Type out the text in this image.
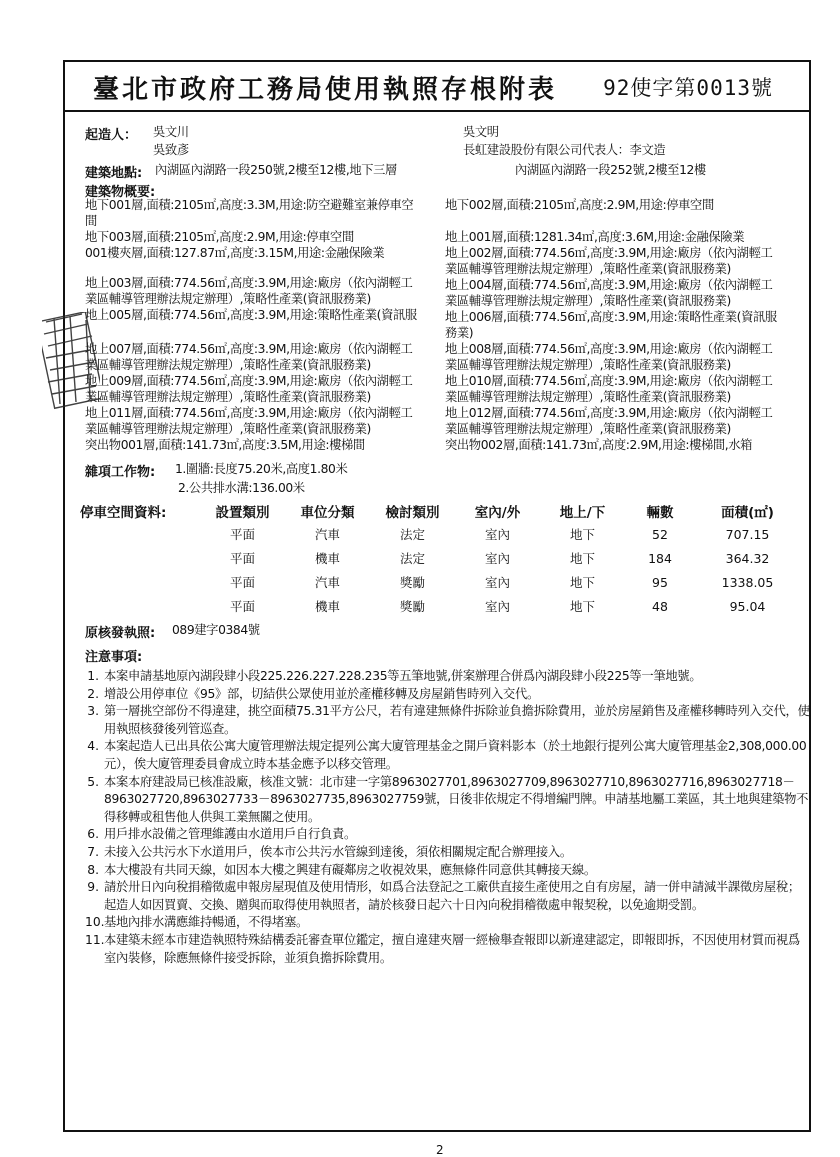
臺北市政府工務局使用執照存根附表 92使字第0013號
起造人： 吳文川
吳致彥
吳文明
長虹建設股份有限公司代表人：李文造
建築地點: 內湖區內湖路一段250號,2樓至12樓,地下三層	內湖區內湖路一段252號,2樓至12樓
建築物概要:
地下001層,面積:2105㎡,高度:3.3M,用途:防空避難室兼停車空
間
地下003層,面積:2105㎡,高度:2.9M,用途:停車空間
001樓夾層,面積:127.87㎡,高度:3.15M,用途:金融保險業
地上003層,面積:774.56㎡,高度:3.9M,用途:廠房（依內湖輕工
業區輔導管理辦法規定辦理）,策略性產業(資訊服務業)
地上005層,面積:774.56㎡,高度:3.9M,用途:策略性產業(資訊服
地上007層,面積:774.56㎡,高度:3.9M,用途:廠房（依內湖輕工
業區輔導管理辦法規定辦理）,策略性產業(資訊服務業)
地上009層,面積:774.56㎡,高度:3.9M,用途:廠房（依內湖輕工
業區輔導管理辦法規定辦理）,策略性產業(資訊服務業)
地上011層,面積:774.56㎡,高度:3.9M,用途:廠房（依內湖輕工
業區輔導管理辦法規定辦理）,策略性產業(資訊服務業)
突出物001層,面積:141.73㎡,高度:3.5M,用途:樓梯間
地下002層,面積:2105㎡,高度:2.9M,用途:停車空間
地上001層,面積:1281.34㎡,高度:3.6M,用途:金融保險業
地上002層,面積:774.56㎡,高度:3.9M,用途:廠房（依內湖輕工
業區輔導管理辦法規定辦理）,策略性產業(資訊服務業)
地上004層,面積:774.56㎡,高度:3.9M,用途:廠房（依內湖輕工
業區輔導管理辦法規定辦理）,策略性產業(資訊服務業)
地上006層,面積:774.56㎡,高度:3.9M,用途:策略性產業(資訊服
務業)
地上008層,面積:774.56㎡,高度:3.9M,用途:廠房（依內湖輕工
業區輔導管理辦法規定辦理）,策略性產業(資訊服務業)
地上010層,面積:774.56㎡,高度:3.9M,用途:廠房（依內湖輕工
業區輔導管理辦法規定辦理）,策略性產業(資訊服務業)
地上012層,面積:774.56㎡,高度:3.9M,用途:廠房（依內湖輕工
業區輔導管理辦法規定辦理）,策略性產業(資訊服務業)
突出物002層,面積:141.73㎡,高度:2.9M,用途:樓梯間,水箱
雜項工作物: 1.圍牆:長度75.20米,高度1.80米
2.公共排水溝:136.00米
停車空間資料:	設置類別	車位分類	檢討類別	室內/外	地上/下	輛數	面積(㎡)
	平面	汽車	法定	室內	地下	52	707.15
	平面	機車	法定	室內	地下	184	364.32
	平面	汽車	獎勵	室內	地下	95	1338.05
	平面	機車	獎勵	室內	地下	48	95.04
原核發執照: 089建字0384號
注意事項:
1. 本案申請基地原內湖段肆小段225.226.227.228.235等五筆地號,併案辦理合併爲內湖段肆小段225等一筆地號。
2. 增設公用停車位《95》部，切結供公眾使用並於產權移轉及房屋銷售時列入交代。
3. 第一層挑空部份不得違建，挑空面積75.31平方公尺，若有違建無條件拆除並負擔拆除費用，並於房屋銷售及產權移轉時列入交代，使用執照核發後列管巡查。
4. 本案起造人已出具依公寓大廈管理辦法規定提列公寓大廈管理基金之開戶資料影本（於土地銀行提列公寓大廈管理基金2,308,000.00元），俟大廈管理委員會成立時本基金應予以移交管理。
5. 本案本府建設局已核准設廠，核准文號：北市建一字第8963027701,8963027709,8963027710,8963027716,8963027718－8963027720,8963027733－8963027735,8963027759號，日後非依規定不得增編門牌。申請基地屬工業區，其土地與建築物不得移轉或租售他人供與工業無關之使用。
6. 用戶排水設備之管理維護由水道用戶自行負責。
7. 未接入公共污水下水道用戶，俟本市公共污水管線到達後，須依相關規定配合辦理接入。
8. 本大樓設有共同天線，如因本大樓之興建有礙鄰房之收視效果，應無條件同意供其轉接天線。
9. 請於卅日內向稅捐稽徵處申報房屋現值及使用情形，如爲合法登記之工廠供直接生產使用之自有房屋，請一併申請減半課徵房屋稅；起造人如因買賣、交換、贈與而取得使用執照者，請於核發日起六十日內向稅捐稽徵處申報契稅，以免逾期受罰。
10. 基地內排水溝應維持暢通，不得堵塞。
11. 本建築未經本市建造執照特殊結構委託審查單位鑑定，擅自違建夾層一經檢舉查報即以新違建認定，即報即拆，不因使用材質而視爲室內裝修，除應無條件接受拆除，並須負擔拆除費用。
2
